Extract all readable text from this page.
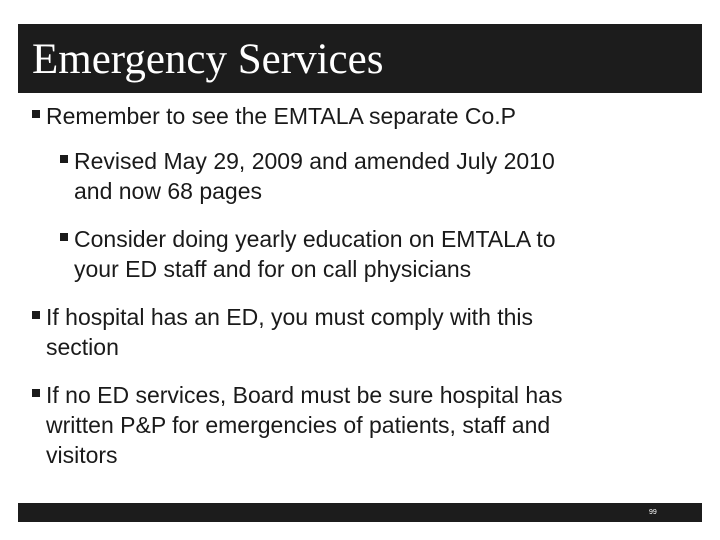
Emergency Services
Remember to see the EMTALA separate Co.P
Revised May 29, 2009 and amended July 2010
and now 68 pages
Consider doing yearly education on EMTALA to
your ED staff and for on call physicians
If hospital has an ED, you must comply with this
section
If no ED services, Board must be sure hospital has
written P&P for emergencies of patients, staff and
visitors
99
